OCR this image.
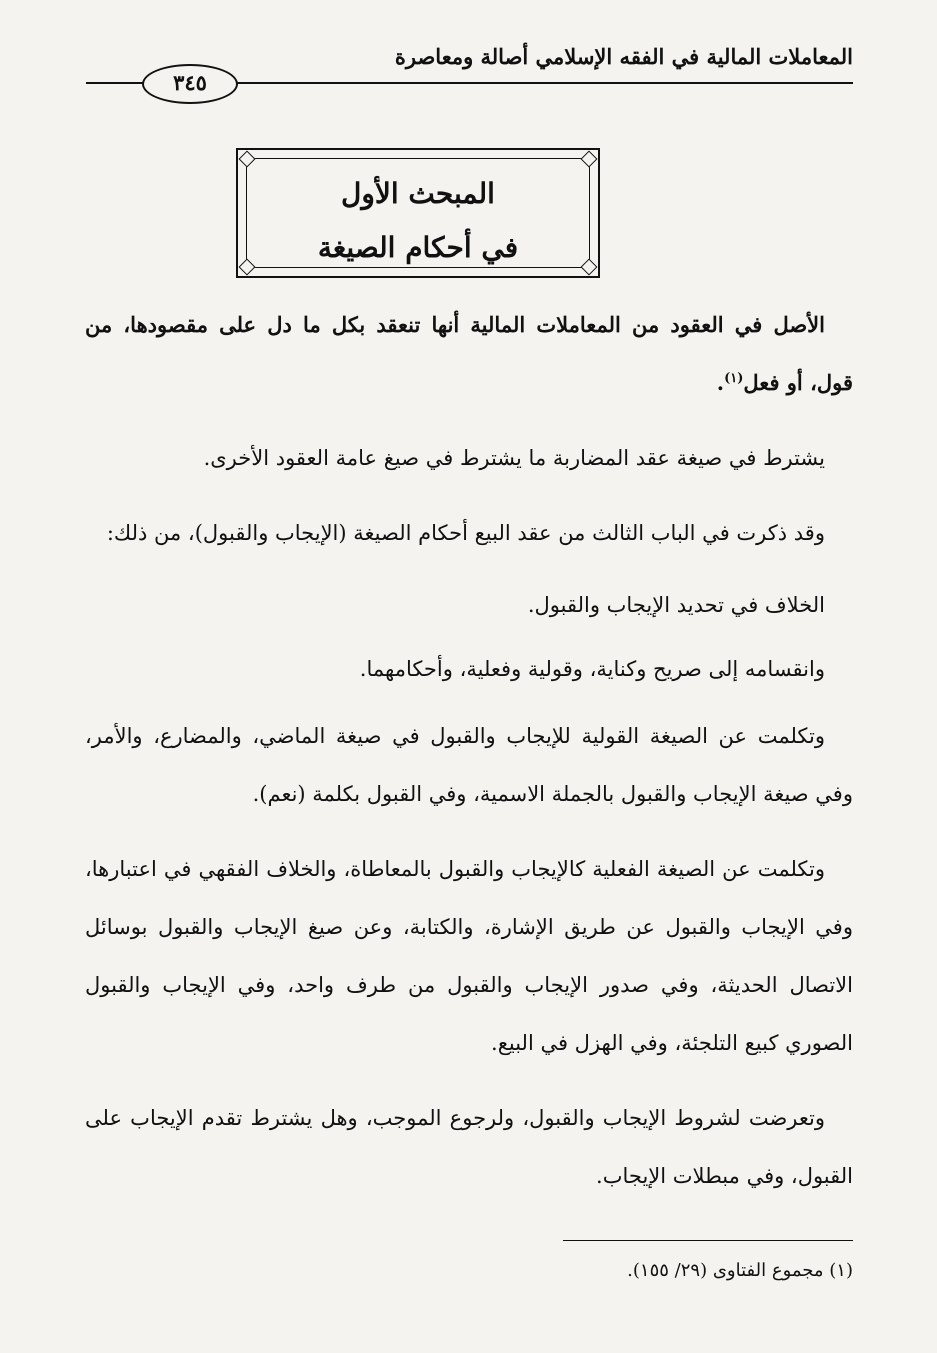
المعاملات المالية في الفقه الإسلامي أصالة ومعاصرة
٣٤٥
المبحث الأول
في أحكام الصيغة

الأصل في العقود من المعاملات المالية أنها تنعقد بكل ما دل على مقصودها، من قول، أو فعل$^{(١)}$.

يشترط في صيغة عقد المضاربة ما يشترط في صيغ عامة العقود الأخرى.

وقد ذكرت في الباب الثالث من عقد البيع أحكام الصيغة (الإيجاب والقبول)، من ذلك:

الخلاف في تحديد الإيجاب والقبول.

وانقسامه إلى صريح وكناية، وقولية وفعلية، وأحكامهما.

وتكلمت عن الصيغة القولية للإيجاب والقبول في صيغة الماضي، والمضارع، والأمر، وفي صيغة الإيجاب والقبول بالجملة الاسمية، وفي القبول بكلمة (نعم).

وتكلمت عن الصيغة الفعلية كالإيجاب والقبول بالمعاطاة، والخلاف الفقهي في اعتبارها، وفي الإيجاب والقبول عن طريق الإشارة، والكتابة، وعن صيغ الإيجاب والقبول بوسائل الاتصال الحديثة، وفي صدور الإيجاب والقبول من طرف واحد، وفي الإيجاب والقبول الصوري كبيع التلجئة، وفي الهزل في البيع.

وتعرضت لشروط الإيجاب والقبول، ولرجوع الموجب، وهل يشترط تقدم الإيجاب على القبول، وفي مبطلات الإيجاب.

(١) مجموع الفتاوى (٢٩/ ١٥٥).
